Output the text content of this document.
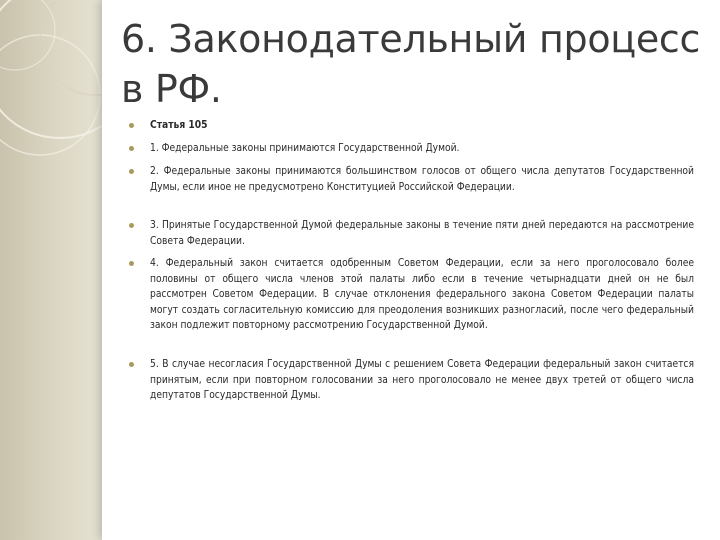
6. Законодательный процесс
в РФ.
Статья 105
1. Федеральные законы принимаются Государственной Думой.
2. Федеральные законы принимаются большинством голосов от общего числа депутатов Государственной Думы, если иное не предусмотрено Конституцией Российской Федерации.
3. Принятые Государственной Думой федеральные законы в течение пяти дней передаются на рассмотрение Совета Федерации.
4. Федеральный закон считается одобренным Советом Федерации, если за него проголосовало более половины от общего числа членов этой палаты либо если в течение четырнадцати дней он не был рассмотрен Советом Федерации. В случае отклонения федерального закона Советом Федерации палаты могут создать согласительную комиссию для преодоления возникших разногласий, после чего федеральный закон подлежит повторному рассмотрению Государственной Думой.
5. В случае несогласия Государственной Думы с решением Совета Федерации федеральный закон считается принятым, если при повторном голосовании за него проголосовало не менее двух третей от общего числа депутатов Государственной Думы.
